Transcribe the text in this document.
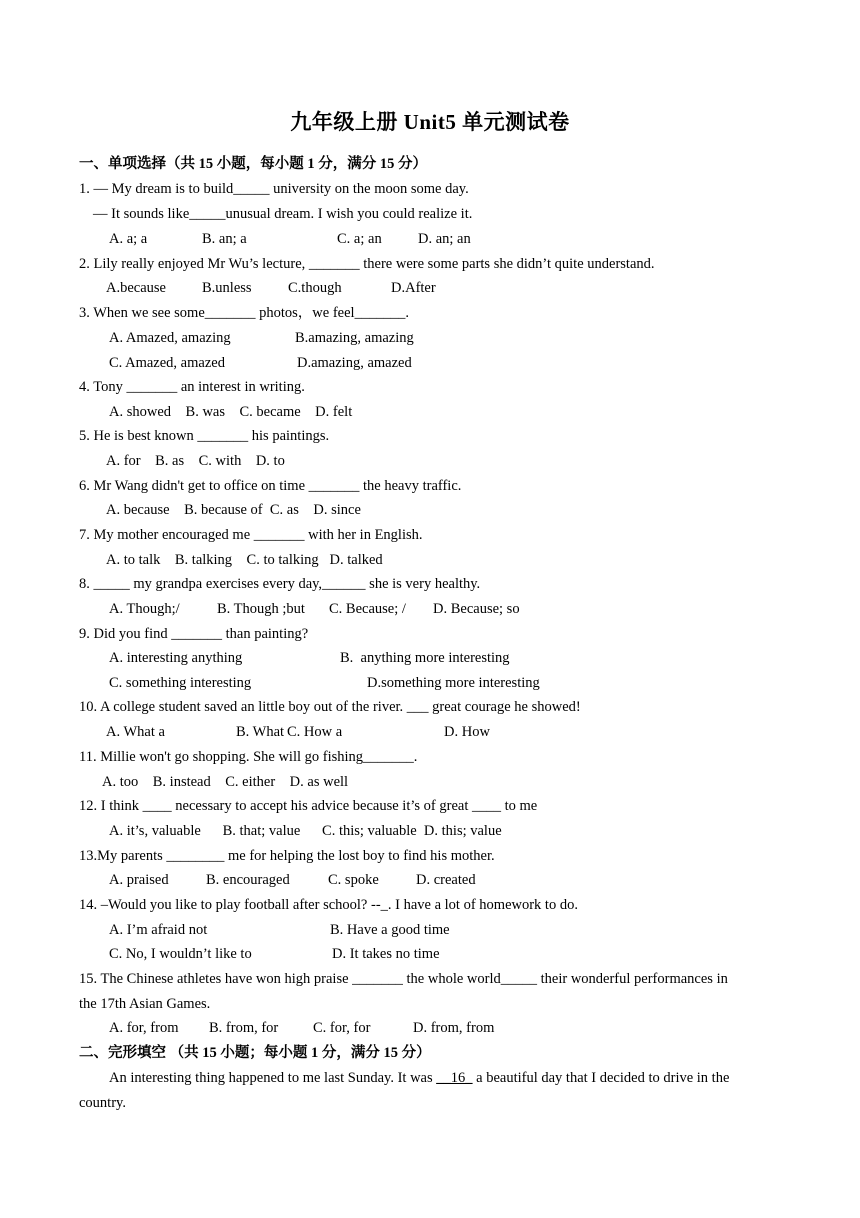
九年级上册 Unit5 单元测试卷
一、单项选择（共 15 小题，每小题 1 分，满分 15 分）
1. — My dream is to build_____ university on the moon some day.
— It sounds like_____unusual dream. I wish you could realize it.
A. a; a	B. an; a	C. a; an	D. an; an
2. Lily really enjoyed Mr Wu’s lecture, _______ there were some parts she didn’t quite understand.
A.because B.unless	C.though	D.After
3. When we see some_______ photos，we feel_______.
A. Amazed, amazing	B.amazing, amazing
C. Amazed, amazed	D.amazing, amazed
4. Tony _______ an interest in writing.
A. showed    B. was    C. became    D. felt
5. He is best known _______ his paintings.
A. for    B. as    C. with    D. to
6. Mr Wang didn't get to office on time _______ the heavy traffic.
A. because    B. because of  C. as    D. since
7. My mother encouraged me _______ with her in English.
A. to talk    B. talking    C. to talking   D. talked
8. _____ my grandpa exercises every day,______ she is very healthy.
A. Though;/	B. Though ;but C. Because; / D. Because; so
9. Did you find _______ than painting?
A. interesting anything	B.  anything more interesting
C. something interesting	D.something more interesting
10. A college student saved an little boy out of the river. ___ great courage he showed!
A. What a	B. What C. How a	D. How
11. Millie won't go shopping. She will go fishing_______.
A. too    B. instead    C. either    D. as well
12. I think ____ necessary to accept his advice because it’s of great ____ to me
A. it’s, valuable      B. that; value      C. this; valuable  D. this; value
13.My parents ________ me for helping the lost boy to find his mother.
A. praised	B. encouraged	C. spoke	D. created
14. –Would you like to play football after school? --_. I have a lot of homework to do.
A. I’m afraid not	B. Have a good time
C. No, I wouldn’t like to	D. It takes no time
15. The Chinese athletes have won high praise _______ the whole world_____ their wonderful performances in
the 17th Asian Games.
A. for, from B. from, for C. for, for	D. from, from
二、完形填空 （共 15 小题；每小题 1 分，满分 15 分）
An interesting thing happened to me last Sunday. It was __16_ a beautiful day that I decided to drive in the
country.
